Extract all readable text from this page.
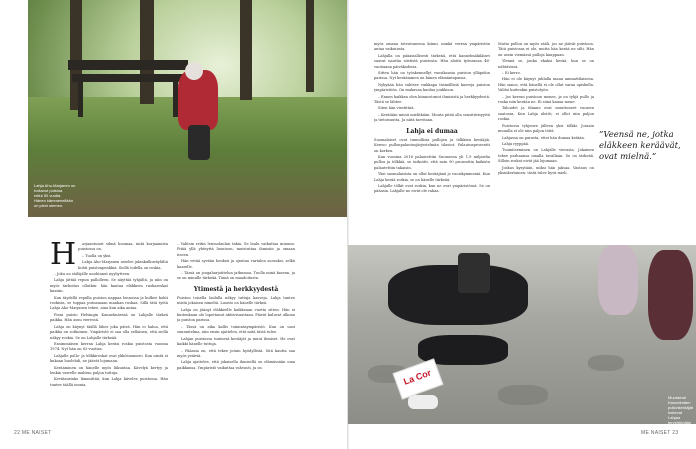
Lahja Aho-Marjanen on
hoitanut puistoa
reilut 50 vuotta.
Hänen kämmenellään
on pieni siemen.
H	arjaantunut silmä huomaa, mitä korjaamista puistossa on.

– Tuolla on yksi.

Lahja Aho-Marjanen astelee jalankulkuväylältä kohti puistonpenkkiä. Siellä todella on roskia.

– Joku on säilöjälle unohtanut nyyhytteen.

Lahja jättää repun pallolleen. Se näyttää tyhjältä, ja niin on myös tarkoitus ollutkin: hän kantaa eläkkeen ruokaroskat kassiin.

Kun täydellä repulla puiston nappaa lennossa ja kulkee kohti roskista, se tuppaa putoamaan maahan roskaa. Sillä tätä työtä Lahja Aho-Marjanen tekee, aina kun aika antaa.

Pieni puisto Helsingin Kannelmäessä on Lahjalle tärkeä paikka. Hän asuu vieressä.

Lahja on käynyt täällä lähes joka päivä. Hän ei halua, että paikka on sotkuinen. Ympäristö ei saa olla sellainen, että siellä näkyy roskia. Se on Lahjalle tärkeää.

Ensimmäisen kerran Lahja keräsi roskia puistosta vuonna 1974. Nyt hän on 82-vuotias.

Lahjalle pullo- ja tölkkiroskat ovat ykkösnumero. Kun niistä ei kukaan huolehdi, ne jäävät lojumaan.

Kerääminen on hänelle myös liikuntaa. Kävelyä kertyy ja lenkin varrelle mahtuu paljon tuttuja.

Kevätaurinko lämmittää, kun Lahja kävelee puistossa. Hän tuntee täällä monia.

– Valitsin reitin lenssolaulan takia. Se laulu vaikuttaa minuun. Pitää yllä yhteyttä luontoon, muistuttaa ihmisiin ja omaan itseen.

Hän vetää syvään henkeä ja ojentaa vartalon suoraksi, selkä kaarelle.

– Tässä on joogaharjoittelun jatkumoa. Tuolla minä kasvan, ja se on minulle tärkeää. Tämä on maadoitusta.

Ytimestä ja herkkyydestä

Puiston toisella laidalla näkyy tuttuja kasveja. Lahja tuntee niistä jokaisen nimeltä. Luonto on hänelle tärkeä.

Lahja on jäänyt eläkkeelle kaikkeaan vuotta sitten. Hän ei kuitenkaan ole lopettanut aktiivisuuttaan. Päivät kuluvat ulkona ja puiston parissa.

– Tässä on aika kallis toimintaympäristö. Kun on uusi suunnitelma, niin ensin ajattelen, että mitä tästä tulee.

Lahjan puistossa tuntuvat kerääjät ja muut ihmiset. He ovat kaikki hänelle tuttuja.

– Pääasia on, että tekee jotain hyödyllistä. Sitä kautta saa myös ystäviä.

Lahja ajattelee, että jokaisella ihmisellä on elämässään oma paikkansa. Ympäristö vaikuttaa vahvasti, ja on

22 ME NAISET

myös omana toteutuneena kiinni, minkä verran ympäristön antaa vaikutusta.

Lahjalla on pääasiallisesti tärkeää, että kannelmäkiläiset saavat nauttia siististä puistosta. Hän aloitti työuransa 46-vuotiaana päiväkodissa.

Sitten hän on työskennellyt vuosikausia puiston ylläpidon parissa. Nyt kerääminen on hänen elämäntapansa.

Nykyään hän valitsee vaikkapa täsmällisiä kasveja puiston ympäristöön. On mukavaa kuulua joukkoon.

– Ennen kaikkea olen kiinnostunut ihmisistä ja herkkyydestä. Tästä se lähtee.

Siten hän viestittää.

– Kerätään missä mielitkään. Muuta pitää olla sensitiivisyyttä ja tietoisuutta. Ja niitä tarvitaan.

Lahja ei dumaa

Suomalaiset ovat tunnollisia pullojen ja tölkkien kerääjiä. Kerroo pullonpalautusjärjestelmän tilastot. Palautusprosentti on korkea.

Kun vuosina 2016 palautettiin Suomessa yli 1,9 miljardia pulloa ja tölkkiä, se tarkoitti, että noin 90 prosenttia kaikista palautettiin takaisin.

Yksi suomalaisista on ollut kerääjänä jo vuosikymmeniä. Kun Lahja kerää roskia, se on hänelle tärkeää.

Lahjalle tölkit ovat roskia, kun ne ovat ympäristössä. Se on pääasia. Lahjalle ne eivät ole rahaa.

Mutta pullon on myös sääli, jos ne jäävät puistoon. Tätä puistossa ei ole, mutta hän kerää ne silti. Hän on usein viemässä pulloja kauppaan.

Ylennä se, jonka ekaksi kerää, kun se on nähtävissä.

– Ei kerro.

Hän ei ole käynyt juhlalla maan ammattilaisena. Hän sanoo, että hänellä ei ole ollut varaa opiskella. Valitsi kuitenkin puistotyön.

– Jos kerran puistoon menee, ja on tyhjä pullo ja roska niin kerään ne. Ei siinä kauaa mene.

Taloudet ja tilanne ovat muuttuneet vuosien saatossa. Kun Lahja aloitti, ei ollut niin paljon roskia.

Puistossa tyhjenee jälleen yksi tölkki. Jossain muualla ei ole niin paljon töitä.

Lahjassa on parasta, ettei hän dumaa ketään.

Lahja ryyppää.

Tuomitseminen on Lahjalle vierasta. Jokainen tekee parhaansa omalla tavallaan. Se on tärkeää. Silloin roskat eivät jää lojumaan.

Joskus kysytään, miksi hän jaksaa. Vastaus on yksinkertainen: tästä tulee hyvä mieli.

La Cor
Muutamat Kannelmäen
pullonkerääjät hakevat
Lahjaa tervehtimään
ME NAISET 23
”Veensä ne, jotka eläkkeen keräävät, ovat mielnä.”
